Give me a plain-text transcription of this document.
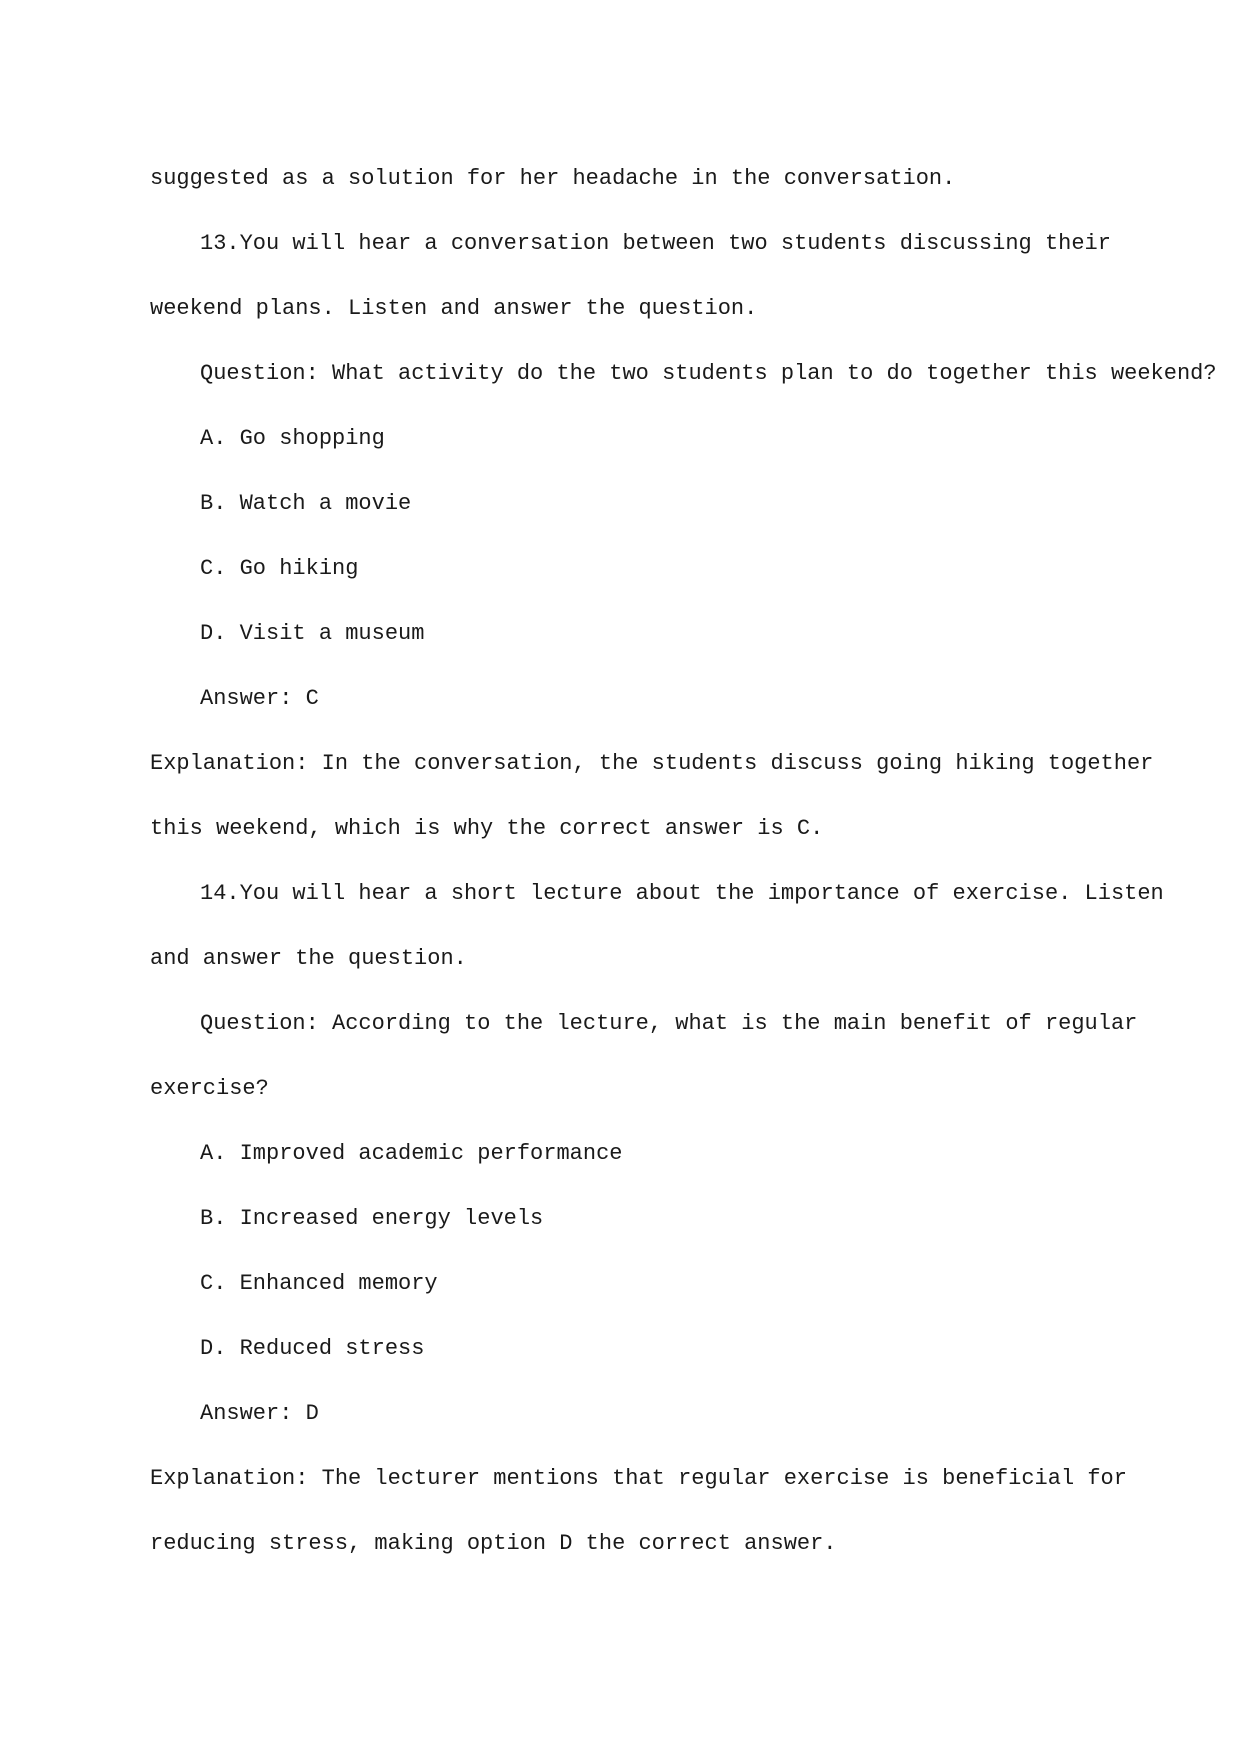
suggested as a solution for her headache in the conversation.
13.You will hear a conversation between two students discussing their
weekend plans. Listen and answer the question.
Question: What activity do the two students plan to do together this weekend?
A. Go shopping
B. Watch a movie
C. Go hiking
D. Visit a museum
Answer: C
Explanation: In the conversation, the students discuss going hiking together
this weekend, which is why the correct answer is C.
14.You will hear a short lecture about the importance of exercise. Listen
and answer the question.
Question: According to the lecture, what is the main benefit of regular
exercise?
A. Improved academic performance
B. Increased energy levels
C. Enhanced memory
D. Reduced stress
Answer: D
Explanation: The lecturer mentions that regular exercise is beneficial for
reducing stress, making option D the correct answer.
